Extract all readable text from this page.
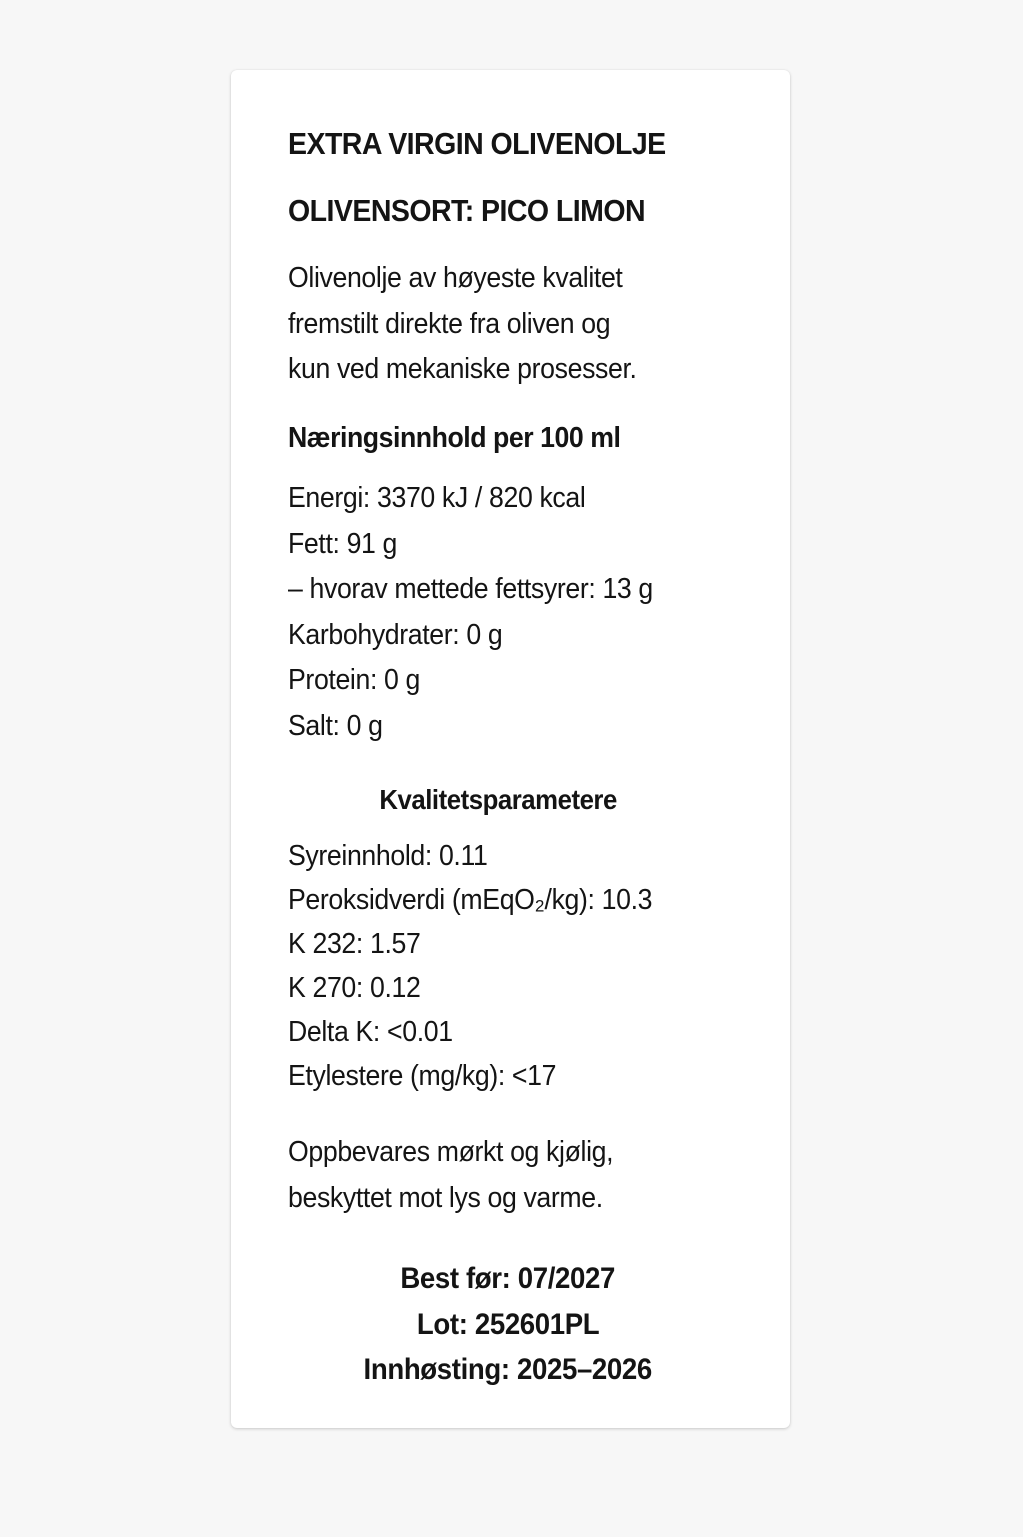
EXTRA VIRGIN OLIVENOLJE
OLIVENSORT: PICO LIMON
Olivenolje av høyeste kvalitet
fremstilt direkte fra oliven og
kun ved mekaniske prosesser.
Næringsinnhold per 100 ml
Energi: 3370 kJ / 820 kcal
Fett: 91 g
– hvorav mettede fettsyrer: 13 g
Karbohydrater: 0 g
Protein: 0 g
Salt: 0 g
Kvalitetsparametere
Syreinnhold: 0.11
Peroksidverdi (mEqO₂/kg): 10.3
K 232: 1.57
K 270: 0.12
Delta K: <0.01
Etylestere (mg/kg): <17
Oppbevares mørkt og kjølig,
beskyttet mot lys og varme.
Best før: 07/2027
Lot: 252601PL
Innhøsting: 2025–2026
